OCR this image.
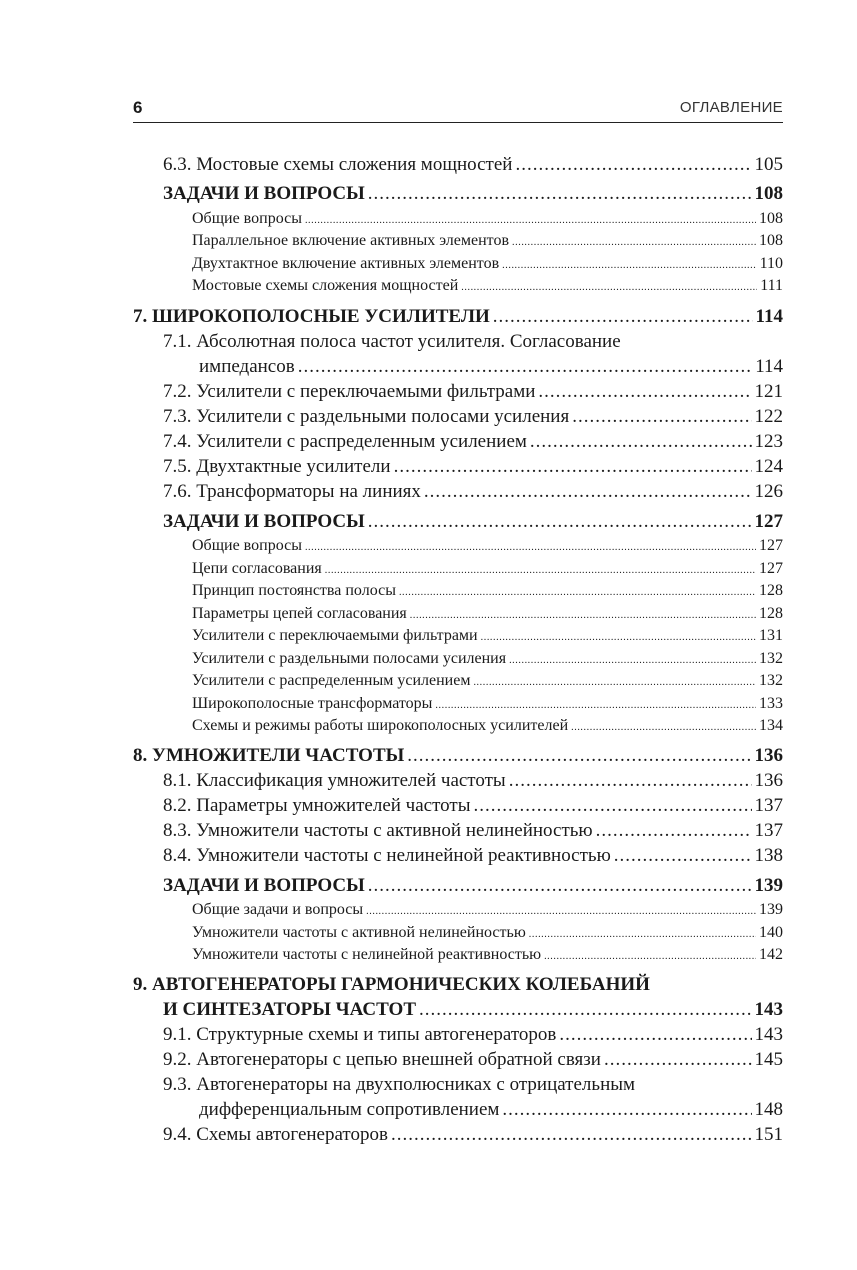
6	ОГЛАВЛЕНИЕ
6.3. Мостовые схемы сложения мощностей .....	105
ЗАДАЧИ И ВОПРОСЫ .....	108
Общие вопросы .....	108
Параллельное включение активных элементов .....	108
Двухтактное включение активных элементов .....	110
Мостовые схемы сложения мощностей .....	111
7. ШИРОКОПОЛОСНЫЕ УСИЛИТЕЛИ .....	114
7.1. Абсолютная полоса частот усилителя. Согласование
импедансов .....	114
7.2. Усилители с переключаемыми фильтрами .....	121
7.3. Усилители с раздельными полосами усиления .....	122
7.4. Усилители с распределенным усилением .....	123
7.5. Двухтактные усилители .....	124
7.6. Трансформаторы на линиях .....	126
ЗАДАЧИ И ВОПРОСЫ .....	127
Общие вопросы .....	127
Цепи согласования .....	127
Принцип постоянства полосы .....	128
Параметры цепей согласования .....	128
Усилители с переключаемыми фильтрами .....	131
Усилители с раздельными полосами усиления .....	132
Усилители с распределенным усилением .....	132
Широкополосные трансформаторы .....	133
Схемы и режимы работы широкополосных усилителей .....	134
8. УМНОЖИТЕЛИ ЧАСТОТЫ .....	136
8.1. Классификация умножителей частоты .....	136
8.2. Параметры умножителей частоты .....	137
8.3. Умножители частоты с активной нелинейностью .....	137
8.4. Умножители частоты с нелинейной реактивностью .....	138
ЗАДАЧИ И ВОПРОСЫ .....	139
Общие задачи и вопросы .....	139
Умножители частоты с активной нелинейностью .....	140
Умножители частоты с нелинейной реактивностью .....	142
9. АВТОГЕНЕРАТОРЫ ГАРМОНИЧЕСКИХ КОЛЕБАНИЙ
И СИНТЕЗАТОРЫ ЧАСТОТ .....	143
9.1. Структурные схемы и типы автогенераторов .....	143
9.2. Автогенераторы с цепью внешней обратной связи .....	145
9.3. Автогенераторы на двухполюсниках с отрицательным
дифференциальным сопротивлением .....	148
9.4. Схемы автогенераторов .....	151
